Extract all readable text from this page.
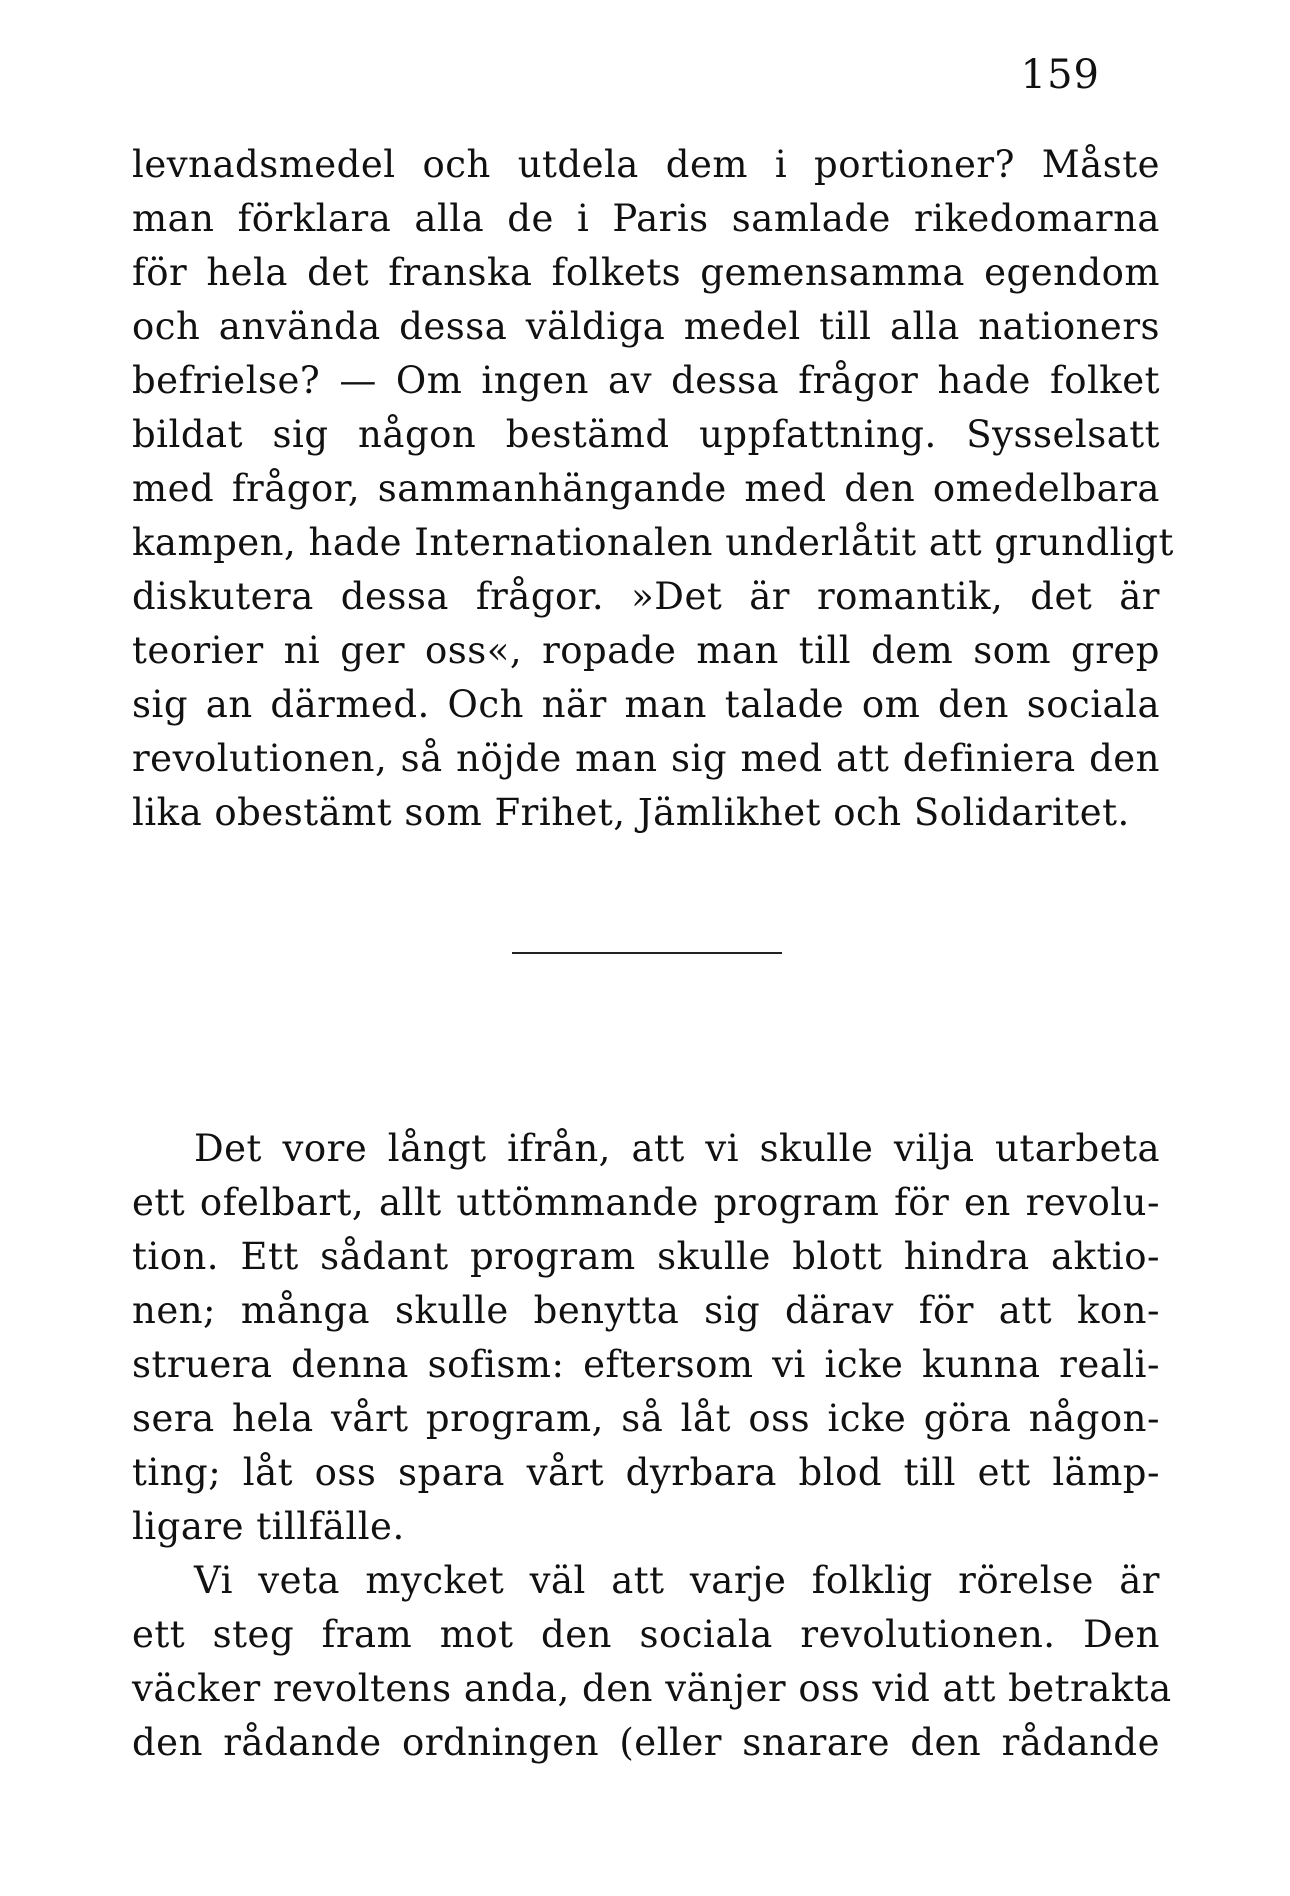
159
levnadsmedel och utdela dem i portioner? Måste
man förklara alla de i Paris samlade rikedomarna
för hela det franska folkets gemensamma egendom
och använda dessa väldiga medel till alla nationers
befrielse? — Om ingen av dessa frågor hade folket
bildat sig någon bestämd uppfattning. Sysselsatt
med frågor, sammanhängande med den omedelbara
kampen, hade Internationalen underlåtit att grundligt
diskutera dessa frågor. »Det är romantik, det är
teorier ni ger oss«, ropade man till dem som grep
sig an därmed. Och när man talade om den sociala
revolutionen, så nöjde man sig med att definiera den
lika obestämt som Frihet, Jämlikhet och Solidaritet.
Det vore långt ifrån, att vi skulle vilja utarbeta
ett ofelbart, allt uttömmande program för en revolu-
tion. Ett sådant program skulle blott hindra aktio-
nen; många skulle benytta sig därav för att kon-
struera denna sofism: eftersom vi icke kunna reali-
sera hela vårt program, så låt oss icke göra någon-
ting; låt oss spara vårt dyrbara blod till ett lämp-
ligare tillfälle.
Vi veta mycket väl att varje folklig rörelse är
ett steg fram mot den sociala revolutionen. Den
väcker revoltens anda, den vänjer oss vid att betrakta
den rådande ordningen (eller snarare den rådande
